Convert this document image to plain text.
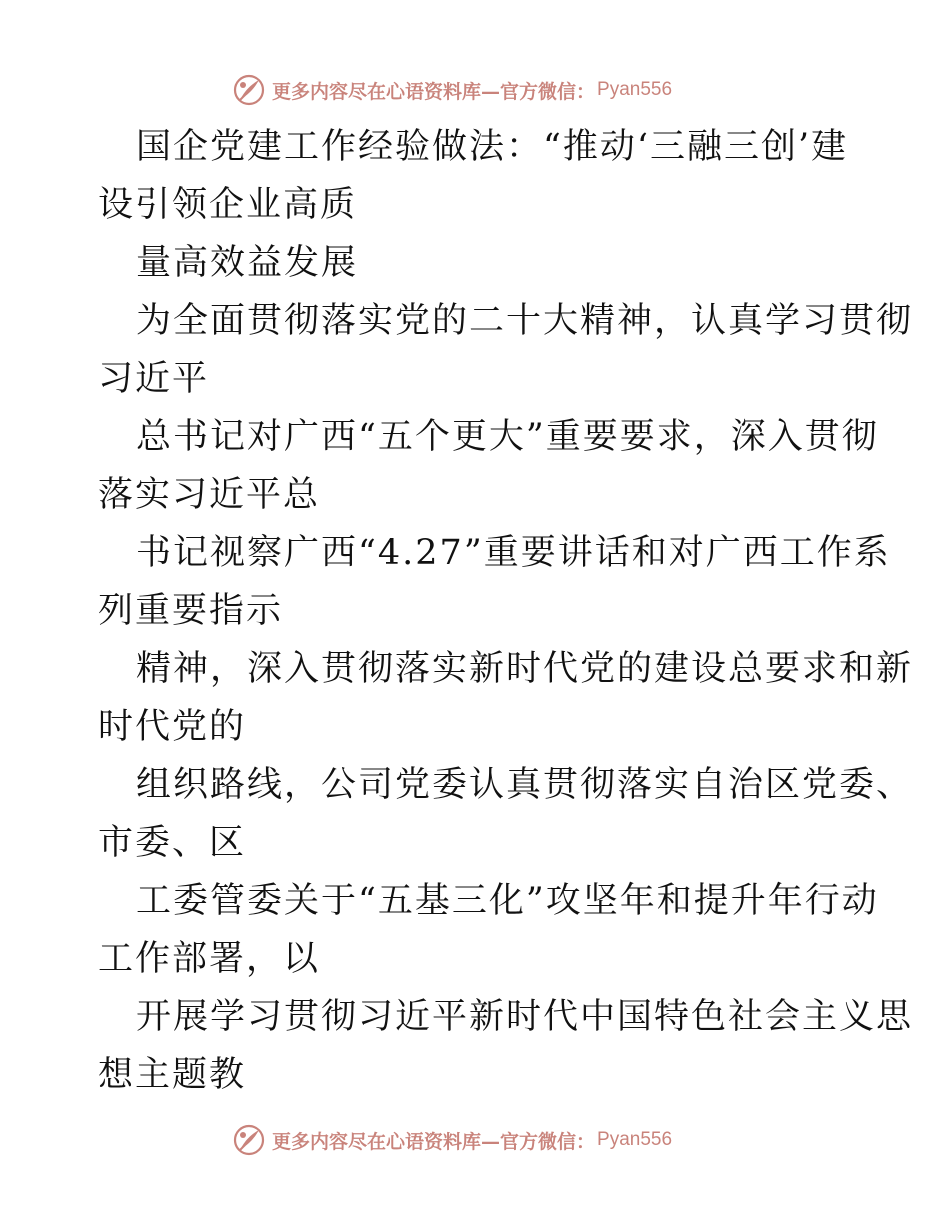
更多内容尽在心语资料库—官方微信： Pyan556
国企党建工作经验做法：“推动‘三融三创’建
设引领企业高质
量高效益发展
为全面贯彻落实党的二十大精神，认真学习贯彻
习近平
总书记对广西“五个更大”重要要求，深入贯彻
落实习近平总
书记视察广西“4.27”重要讲话和对广西工作系
列重要指示
精神，深入贯彻落实新时代党的建设总要求和新
时代党的
组织路线，公司党委认真贯彻落实自治区党委、
市委、区
工委管委关于“五基三化”攻坚年和提升年行动
工作部署，以
开展学习贯彻习近平新时代中国特色社会主义思
想主题教
更多内容尽在心语资料库—官方微信： Pyan556
